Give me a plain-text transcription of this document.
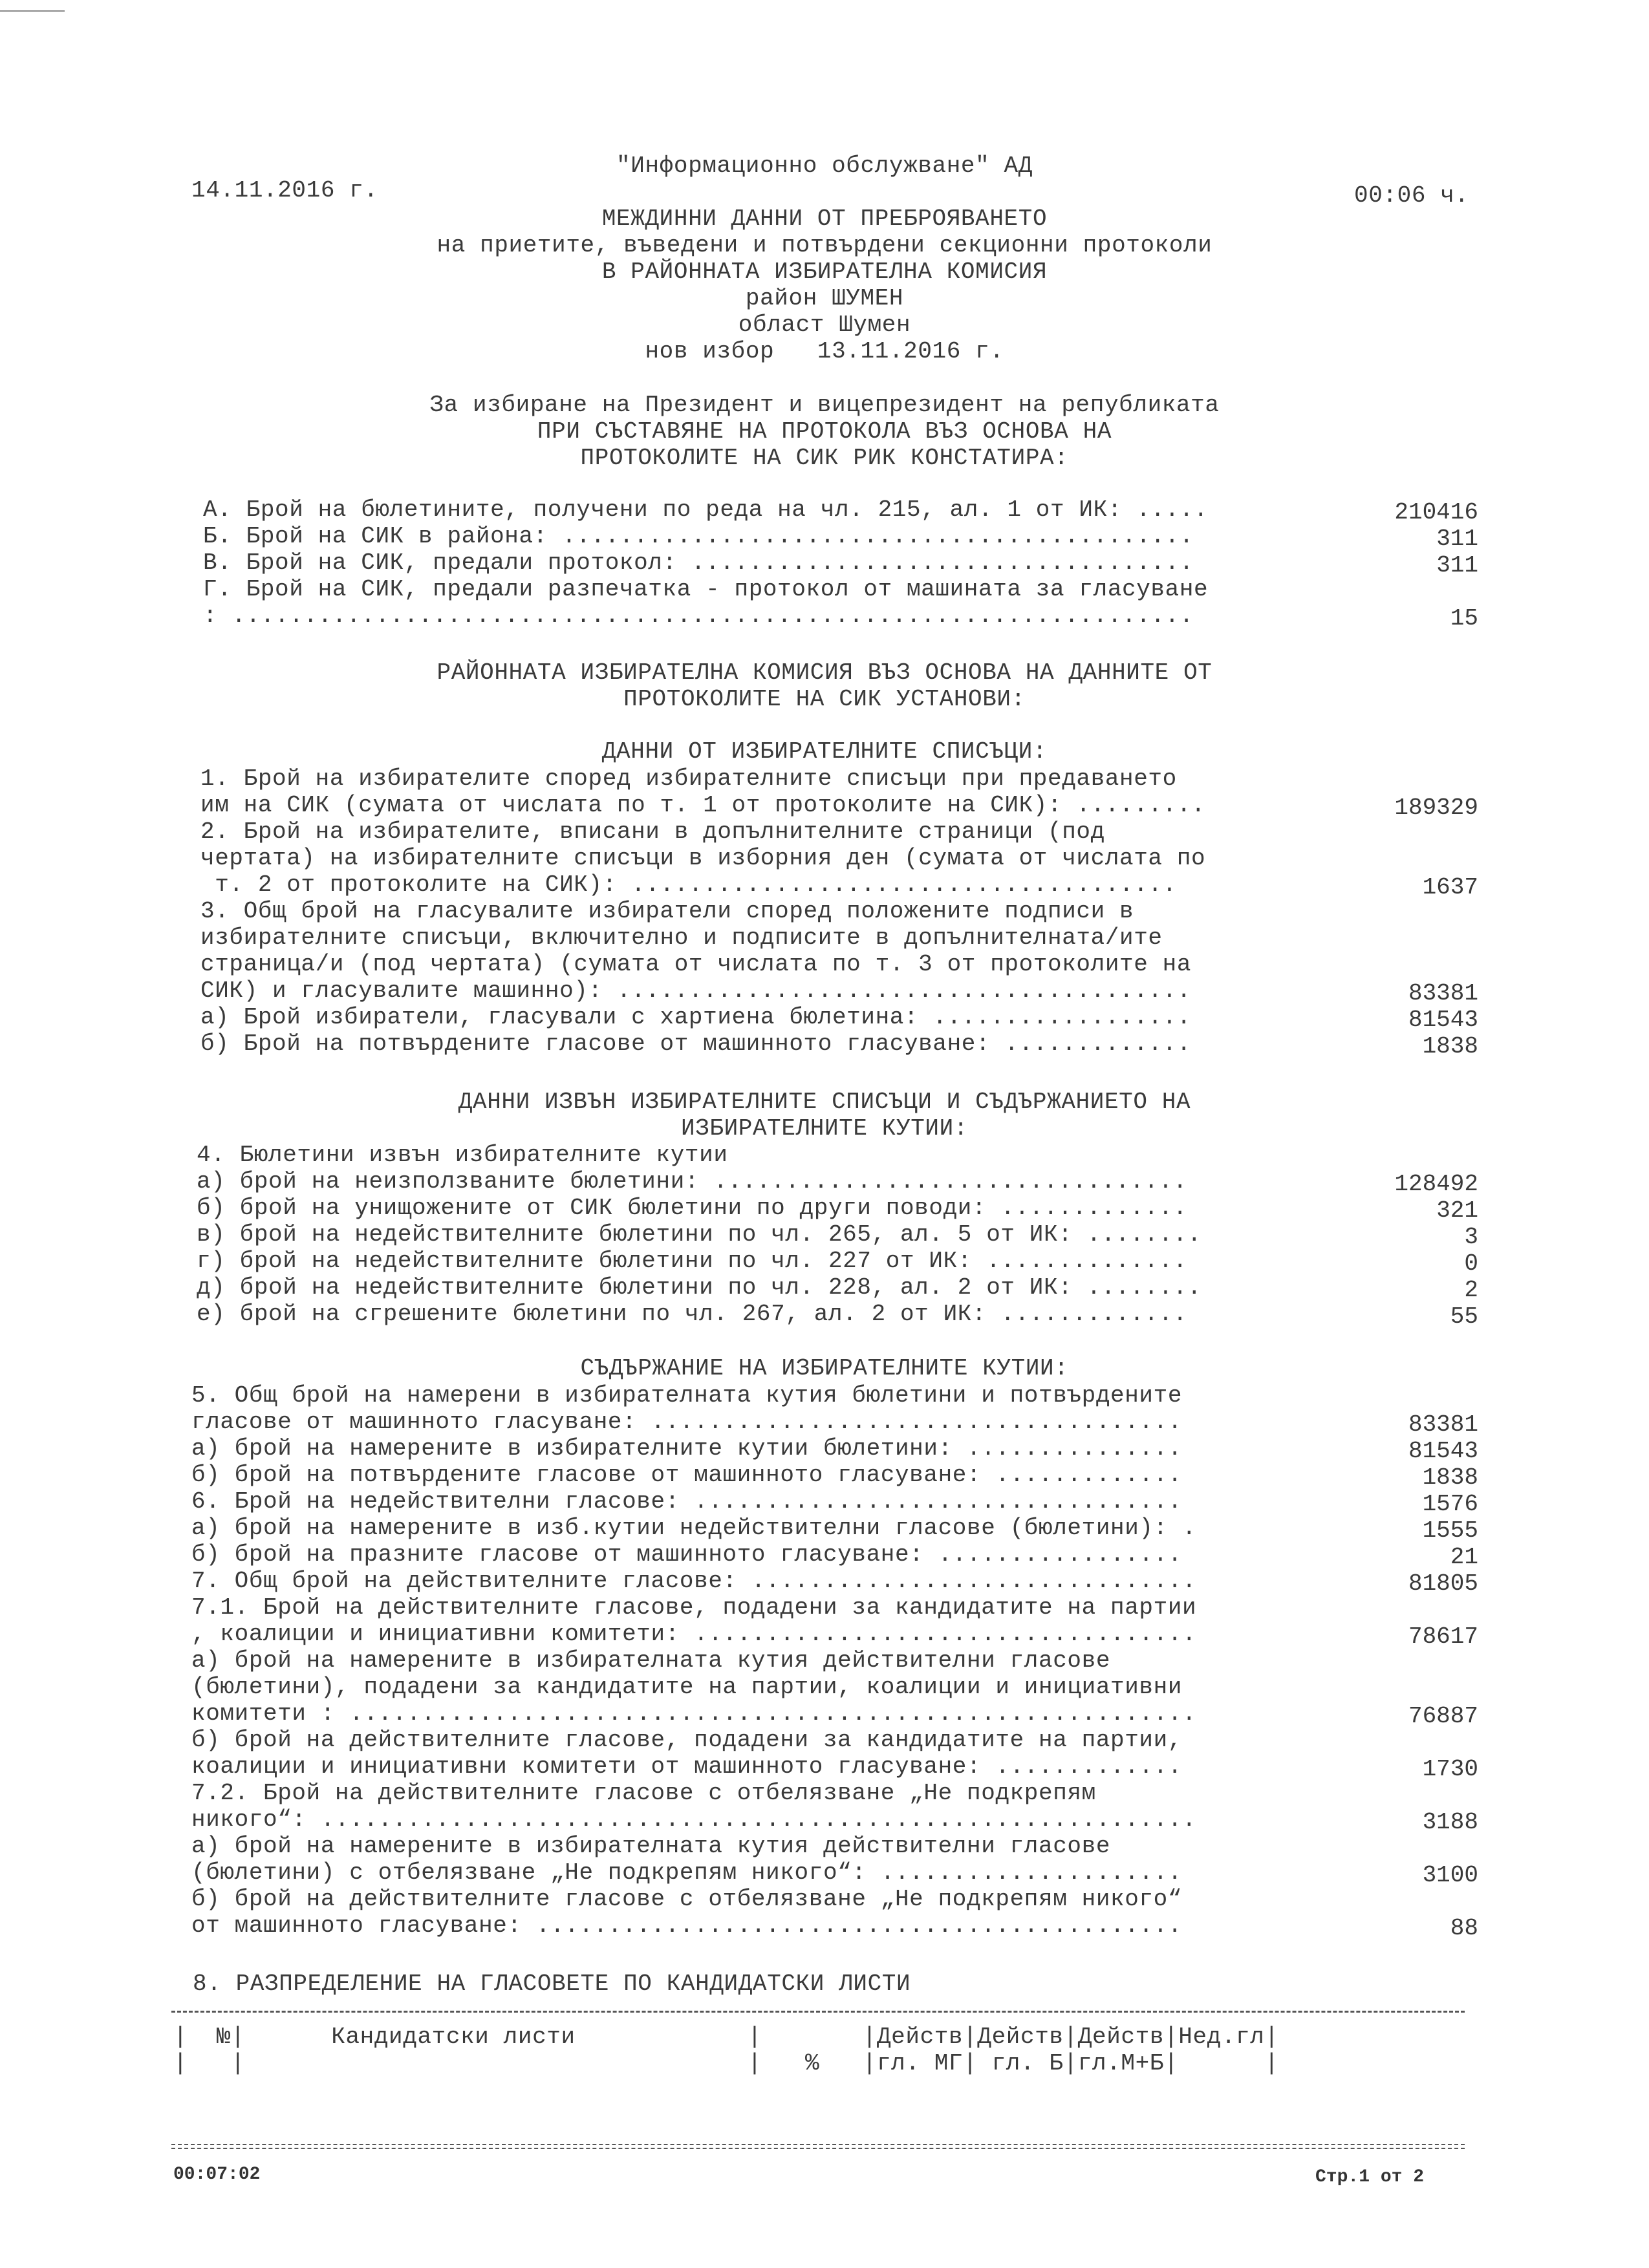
"Информационно обслужване" АД

14.11.2016 г.	00:06 ч.

МЕЖДИННИ ДАННИ ОТ ПРЕБРОЯВАНЕТО

на приетите, въведени и потвърдени секционни протоколи

В РАЙОННАТА ИЗБИРАТЕЛНА КОМИСИЯ

район ШУМЕН

област Шумен

нов избор   13.11.2016 г.

За избиране на Президент и вицепрезидент на републиката

ПРИ СЪСТАВЯНЕ НА ПРОТОКОЛА ВЪЗ ОСНОВА НА

ПРОТОКОЛИТЕ НА СИК РИК КОНСТАТИРА:

А. Брой на бюлетините, получени по реда на чл. 215, ал. 1 от ИК: .....	210416

Б. Брой на СИК в района: ............................................	311

В. Брой на СИК, предали протокол: ...................................	311

Г. Брой на СИК, предали разпечатка - протокол от машината за гласуване

: ...................................................................	15

РАЙОННАТА ИЗБИРАТЕЛНА КОМИСИЯ ВЪЗ ОСНОВА НА ДАННИТЕ ОТ

ПРОТОКОЛИТЕ НА СИК УСТАНОВИ:

ДАННИ ОТ ИЗБИРАТЕЛНИТЕ СПИСЪЦИ:

1. Брой на избирателите според избирателните списъци при предаването

им на СИК (сумата от числата по т. 1 от протоколите на СИК): .........	189329

2. Брой на избирателите, вписани в допълнителните страници (под

чертата) на избирателните списъци в изборния ден (сумата от числата по

т. 2 от протоколите на СИК): ......................................	1637

3. Общ брой на гласувалите избиратели според положените подписи в

избирателните списъци, включително и подписите в допълнителната/ите

страница/и (под чертата) (сумата от числата по т. 3 от протоколите на

СИК) и гласувалите машинно): ........................................	83381

а) Брой избиратели, гласували с хартиена бюлетина: ..................	81543

б) Брой на потвърдените гласове от машинното гласуване: .............	1838

ДАННИ ИЗВЪН ИЗБИРАТЕЛНИТЕ СПИСЪЦИ И СЪДЪРЖАНИЕТО НА

ИЗБИРАТЕЛНИТЕ КУТИИ:

4. Бюлетини извън избирателните кутии

а) брой на неизползваните бюлетини: .................................	128492

б) брой на унищожените от СИК бюлетини по други поводи: .............	321

в) брой на недействителните бюлетини по чл. 265, ал. 5 от ИК: ........	3

г) брой на недействителните бюлетини по чл. 227 от ИК: ..............	0

д) брой на недействителните бюлетини по чл. 228, ал. 2 от ИК: ........	2

е) брой на сгрешените бюлетини по чл. 267, ал. 2 от ИК: .............	55

СЪДЪРЖАНИЕ НА ИЗБИРАТЕЛНИТЕ КУТИИ:

5. Общ брой на намерени в избирателната кутия бюлетини и потвърдените

гласове от машинното гласуване: .....................................	83381

а) брой на намерените в избирателните кутии бюлетини: ...............	81543

б) брой на потвърдените гласове от машинното гласуване: .............	1838

6. Брой на недействителни гласове: ..................................	1576

а) брой на намерените в изб.кутии недействителни гласове (бюлетини): .	1555

б) брой на празните гласове от машинното гласуване: .................	21

7. Общ брой на действителните гласове: ...............................	81805

7.1. Брой на действителните гласове, подадени за кандидатите на партии

, коалиции и инициативни комитети: ...................................	78617

а) брой на намерените в избирателната кутия действителни гласове

(бюлетини), подадени за кандидатите на партии, коалиции и инициативни

комитети : ...........................................................	76887

б) брой на действителните гласове, подадени за кандидатите на партии,

коалиции и инициативни комитети от машинното гласуване: .............	1730

7.2. Брой на действителните гласове с отбелязване „Не подкрепям

никого“: .............................................................	3188

а) брой на намерените в избирателната кутия действителни гласове

(бюлетини) с отбелязване „Не подкрепям никого“: .....................	3100

б) брой на действителните гласове с отбелязване „Не подкрепям никого“

от машинното гласуване: .............................................	88

8. РАЗПРЕДЕЛЕНИЕ НА ГЛАСОВЕТЕ ПО КАНДИДАТСКИ ЛИСТИ

|  №|      Кандидатски листи            |       |Действ|Действ|Действ|Нед.гл|

|   |                                   |   %   |гл. МГ| гл. Б|гл.М+Б|      |

00:07:02	Стр.1 от 2
